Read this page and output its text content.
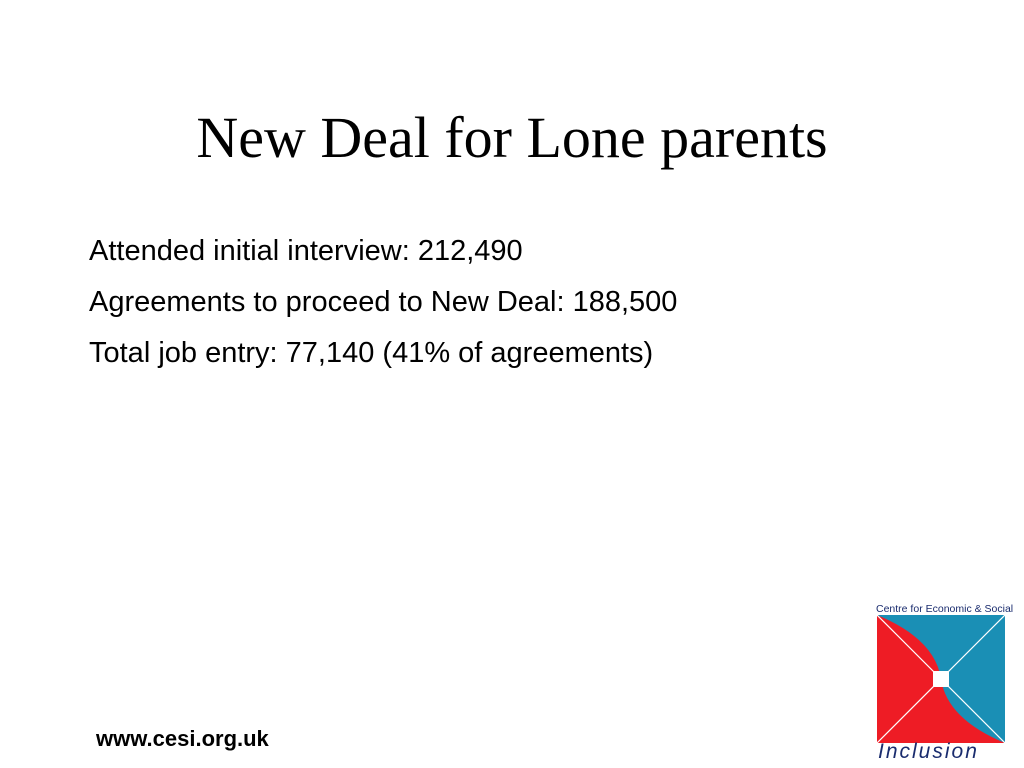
New Deal for Lone parents
Attended initial interview: 212,490
Agreements to proceed to New Deal: 188,500
Total job entry: 77,140 (41% of agreements)
www.cesi.org.uk
Centre for Economic & Social
Inclusion
